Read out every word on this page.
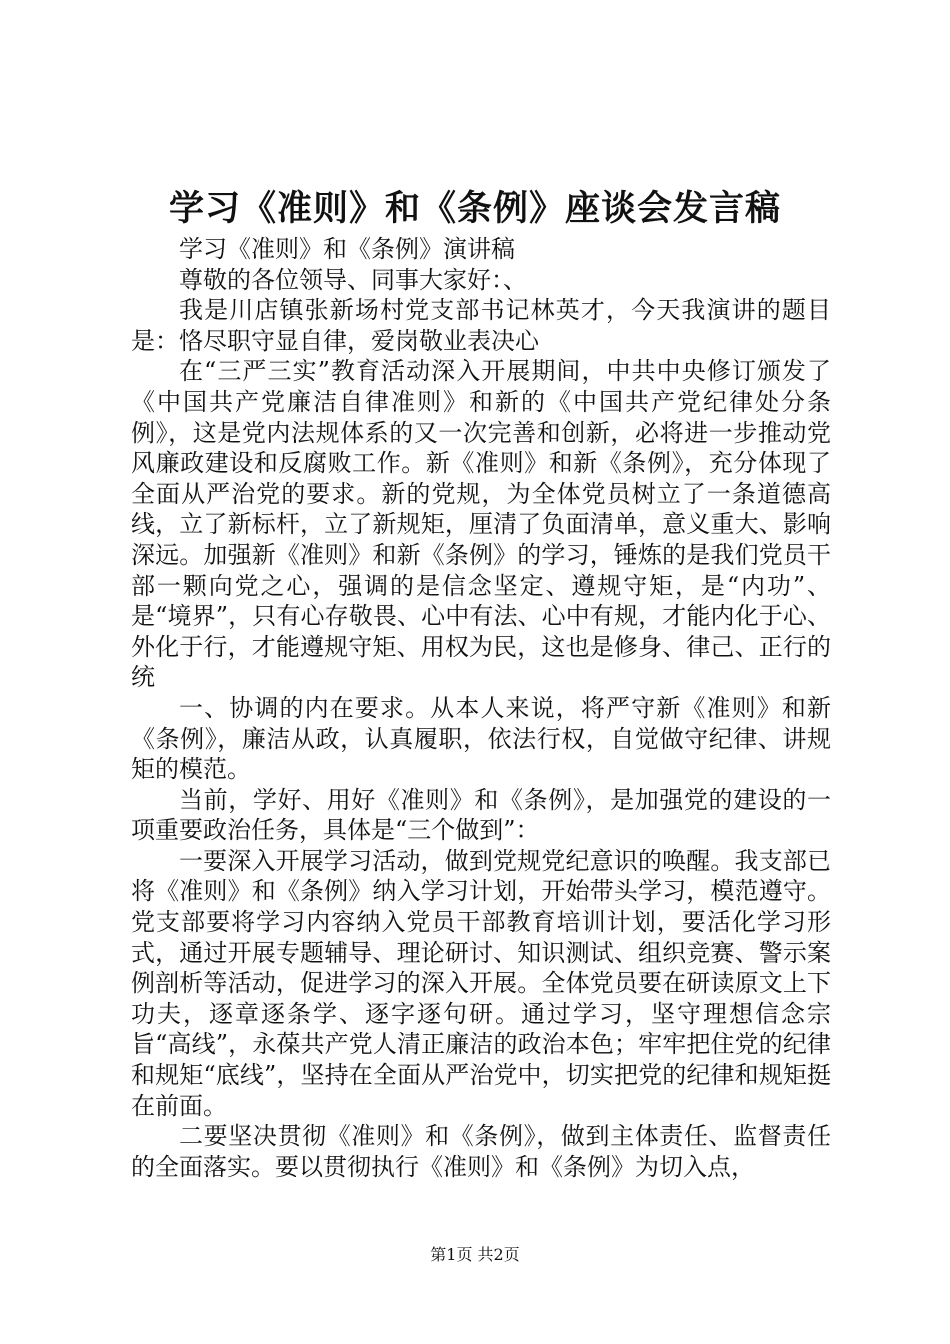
学习《准则》和《条例》座谈会发言稿

学习《准则》和《条例》演讲稿

尊敬的各位领导、同事大家好：、

我是川店镇张新场村党支部书记林英才，今天我演讲的题目是：恪尽职守显自律，爱岗敬业表决心

在“三严三实”教育活动深入开展期间，中共中央修订颁发了《中国共产党廉洁自律准则》和新的《中国共产党纪律处分条例》，这是党内法规体系的又一次完善和创新，必将进一步推动党风廉政建设和反腐败工作。新《准则》和新《条例》，充分体现了全面从严治党的要求。新的党规，为全体党员树立了一条道德高线，立了新标杆，立了新规矩，厘清了负面清单，意义重大、影响深远。加强新《准则》和新《条例》的学习，锤炼的是我们党员干部一颗向党之心，强调的是信念坚定、遵规守矩，是“内功”、是“境界”，只有心存敬畏、心中有法、心中有规，才能内化于心、外化于行，才能遵规守矩、用权为民，这也是修身、律己、正行的统

一、协调的内在要求。从本人来说，将严守新《准则》和新《条例》，廉洁从政，认真履职，依法行权，自觉做守纪律、讲规矩的模范。

当前，学好、用好《准则》和《条例》，是加强党的建设的一项重要政治任务，具体是“三个做到”：

一要深入开展学习活动，做到党规党纪意识的唤醒。我支部已将《准则》和《条例》纳入学习计划，开始带头学习，模范遵守。党支部要将学习内容纳入党员干部教育培训计划，要活化学习形式，通过开展专题辅导、理论研讨、知识测试、组织竞赛、警示案例剖析等活动，促进学习的深入开展。全体党员要在研读原文上下功夫，逐章逐条学、逐字逐句研。通过学习，坚守理想信念宗旨“高线”，永葆共产党人清正廉洁的政治本色；牢牢把住党的纪律和规矩“底线”，坚持在全面从严治党中，切实把党的纪律和规矩挺在前面。

二要坚决贯彻《准则》和《条例》，做到主体责任、监督责任的全面落实。要以贯彻执行《准则》和《条例》为切入点，

第1页 共2页
